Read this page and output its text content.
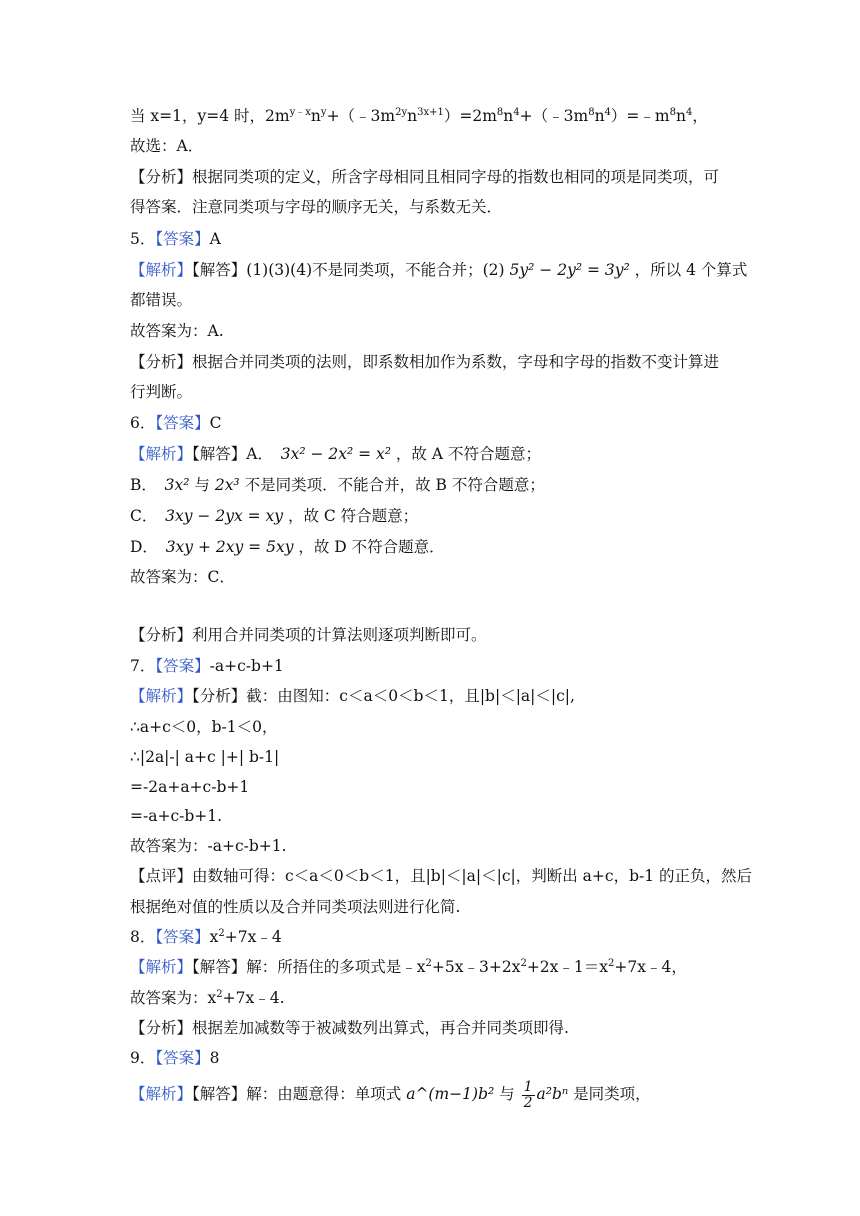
当 x=1，y=4 时，$2m^{y﹣x}n^y+(﹣3m^{2y}n^{3x+1})=2m^8n^4+(﹣3m^8n^4)=﹣m^8n^4$，
故选：A．
【分析】根据同类项的定义，所含字母相同且相同字母的指数也相同的项是同类项，可
得答案．注意同类项与字母的顺序无关，与系数无关．
5．【答案】A
【解析】【解答】(1)(3)(4)不是同类项，不能合并；(2) 5y² − 2y² = 3y² ，所以 4 个算式
都错误。
故答案为：A.
【分析】根据合并同类项的法则，即系数相加作为系数，字母和字母的指数不变计算进
行判断。
6．【答案】C
【解析】【解答】A．　3x² − 2x² = x² ，故 A 不符合题意；
B．　3x² 与 2x³ 不是同类项．不能合并，故 B 不符合题意；
C．　3xy − 2yx = xy ，故 C 符合题意；
D．　3xy + 2xy = 5xy ，故 D 不符合题意．
故答案为：C．
【分析】利用合并同类项的计算法则逐项判断即可。
7．【答案】-a+c-b+1
【解析】【分析】截：由图知：c＜a＜0＜b＜1，且|b|＜|a|＜|c|,
∴a+c＜0，b-1＜0，
∴|2a|-| a+c |+| b-1|
=-2a+a+c-b+1
=-a+c-b+1.
故答案为：-a+c-b+1.
【点评】由数轴可得：c＜a＜0＜b＜1，且|b|＜|a|＜|c|，判断出 a+c，b-1 的正负，然后
根据绝对值的性质以及合并同类项法则进行化简.
8．【答案】$x^2+7x﹣4$
【解析】【解答】解：所捂住的多项式是$﹣x^2+5x﹣3+2x^2+2x﹣1=x^2+7x﹣4$，
故答案为：$x^2+7x﹣4$.
【分析】根据差加减数等于被减数列出算式，再合并同类项即得.
9．【答案】8
【解析】【解答】解：由题意得：单项式 a^(m−1)b² 与 $\frac{1}{2} a^2b^n$ 是同类项，
